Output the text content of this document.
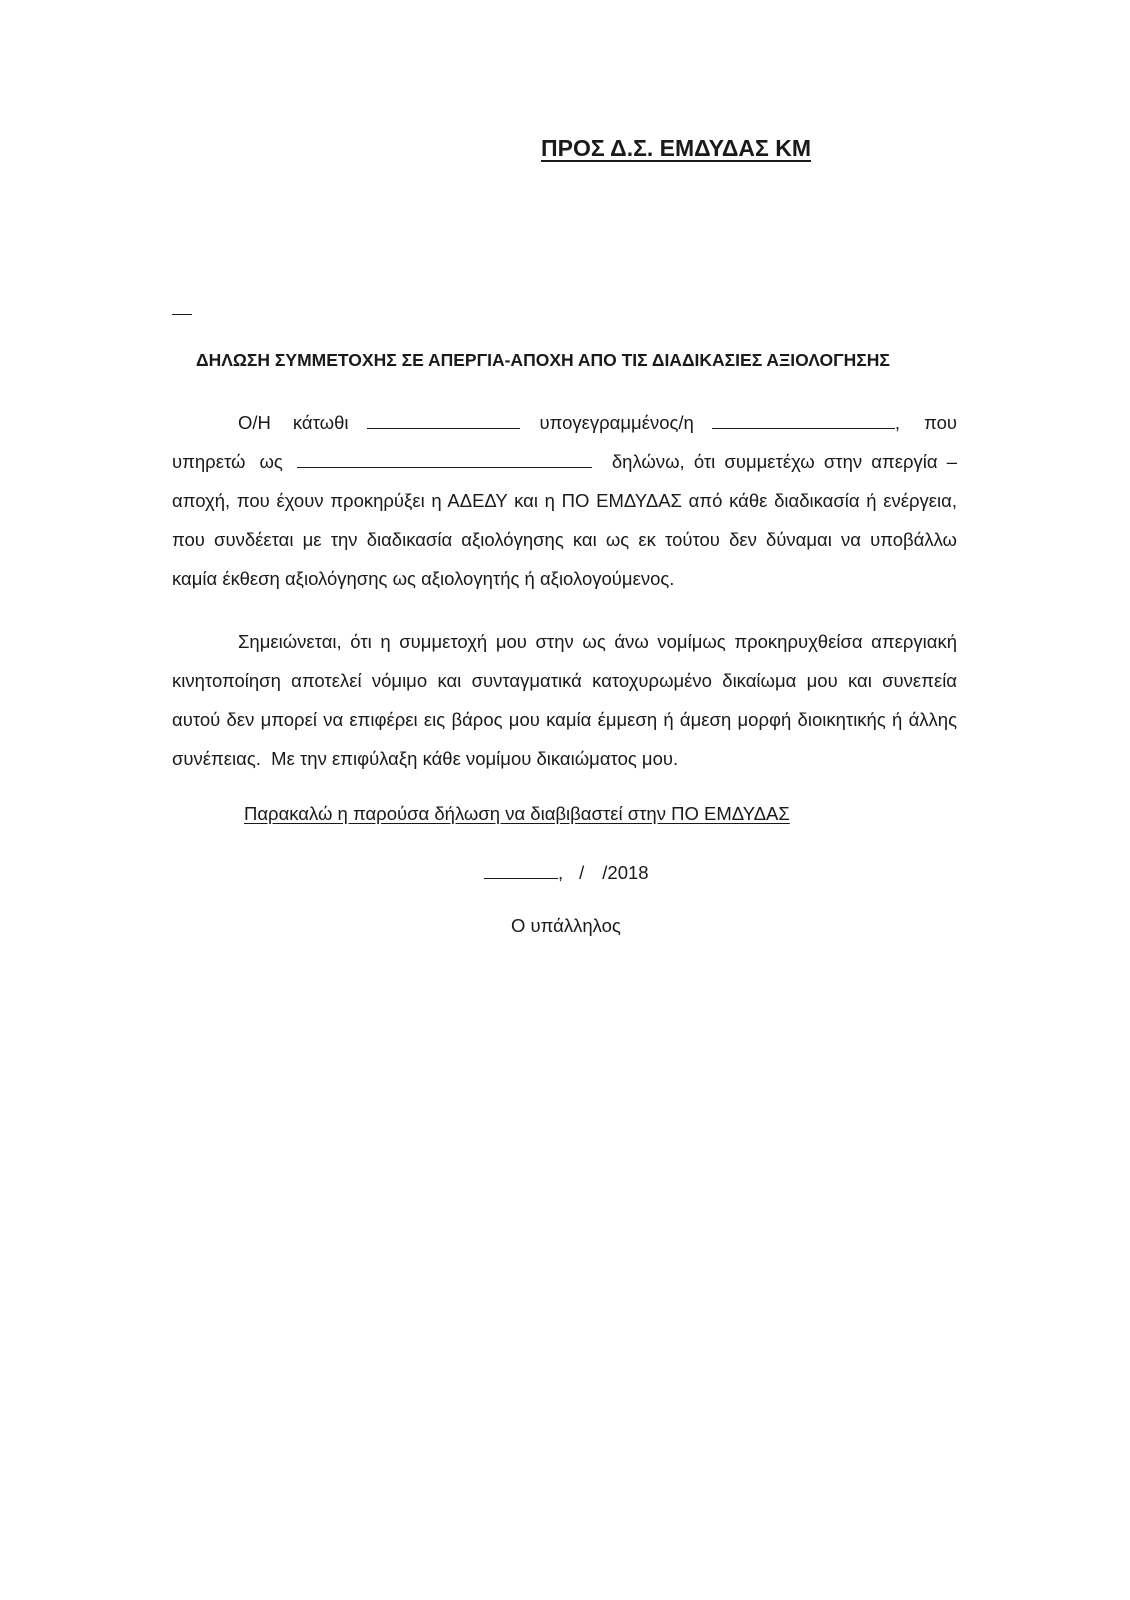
ΠΡΟΣ Δ.Σ. ΕΜΔΥΔΑΣ ΚΜ
ΔΗΛΩΣΗ ΣΥΜΜΕΤΟΧΗΣ ΣΕ ΑΠΕΡΓΙΑ-ΑΠΟΧΗ ΑΠΟ ΤΙΣ ΔΙΑΔΙΚΑΣΙΕΣ ΑΞΙΟΛΟΓΗΣΗΣ
Ο/Η κάτωθι	υπογεγραμμένος/η	, που
υπηρετώ ως	δηλώνω, ότι συμμετέχω στην απεργία –
αποχή, που έχουν προκηρύξει η ΑΔΕΔΥ και η ΠΟ ΕΜΔΥΔΑΣ από κάθε διαδικασία ή ενέργεια,
που συνδέεται με την διαδικασία αξιολόγησης και ως εκ τούτου δεν δύναμαι να υποβάλλω
καμία έκθεση αξιολόγησης ως αξιολογητής ή αξιολογούμενος.
Σημειώνεται, ότι η συμμετοχή μου στην ως άνω νομίμως προκηρυχθείσα απεργιακή
κινητοποίηση αποτελεί νόμιμο και συνταγματικά κατοχυρωμένο δικαίωμα μου και συνεπεία
αυτού δεν μπορεί να επιφέρει εις βάρος μου καμία έμμεση ή άμεση μορφή διοικητικής ή άλλης
συνέπειας.  Με την επιφύλαξη κάθε νομίμου δικαιώματος μου.
Παρακαλώ η παρούσα δήλωση να διαβιβαστεί στην ΠΟ ΕΜΔΥΔΑΣ
, / /2018
Ο υπάλληλος
